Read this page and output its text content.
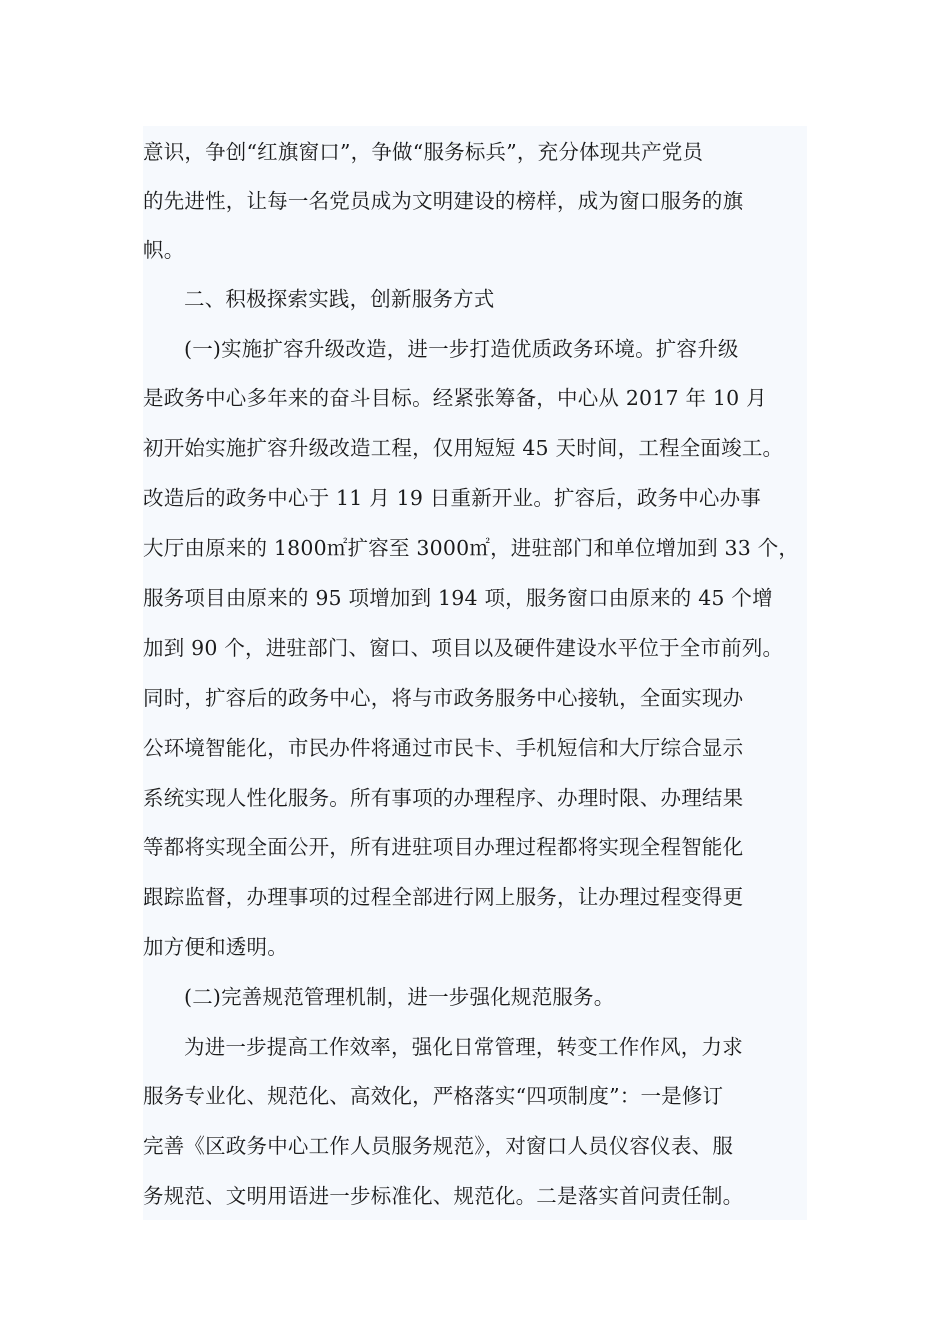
意识，争创“红旗窗口”，争做“服务标兵”，充分体现共产党员
的先进性，让每一名党员成为文明建设的榜样，成为窗口服务的旗
帜。
二、积极探索实践，创新服务方式
(一)实施扩容升级改造，进一步打造优质政务环境。扩容升级
是政务中心多年来的奋斗目标。经紧张筹备，中心从 2017 年 10 月
初开始实施扩容升级改造工程，仅用短短 45 天时间，工程全面竣工。
改造后的政务中心于 11 月 19 日重新开业。扩容后，政务中心办事
大厅由原来的 1800㎡扩容至 3000㎡，进驻部门和单位增加到 33 个，
服务项目由原来的 95 项增加到 194 项，服务窗口由原来的 45 个增
加到 90 个，进驻部门、窗口、项目以及硬件建设水平位于全市前列。
同时，扩容后的政务中心，将与市政务服务中心接轨，全面实现办
公环境智能化，市民办件将通过市民卡、手机短信和大厅综合显示
系统实现人性化服务。所有事项的办理程序、办理时限、办理结果
等都将实现全面公开，所有进驻项目办理过程都将实现全程智能化
跟踪监督，办理事项的过程全部进行网上服务，让办理过程变得更
加方便和透明。
(二)完善规范管理机制，进一步强化规范服务。
为进一步提高工作效率，强化日常管理，转变工作作风，力求
服务专业化、规范化、高效化，严格落实“四项制度”：一是修订
完善《区政务中心工作人员服务规范》，对窗口人员仪容仪表、服
务规范、文明用语进一步标准化、规范化。二是落实首问责任制。
